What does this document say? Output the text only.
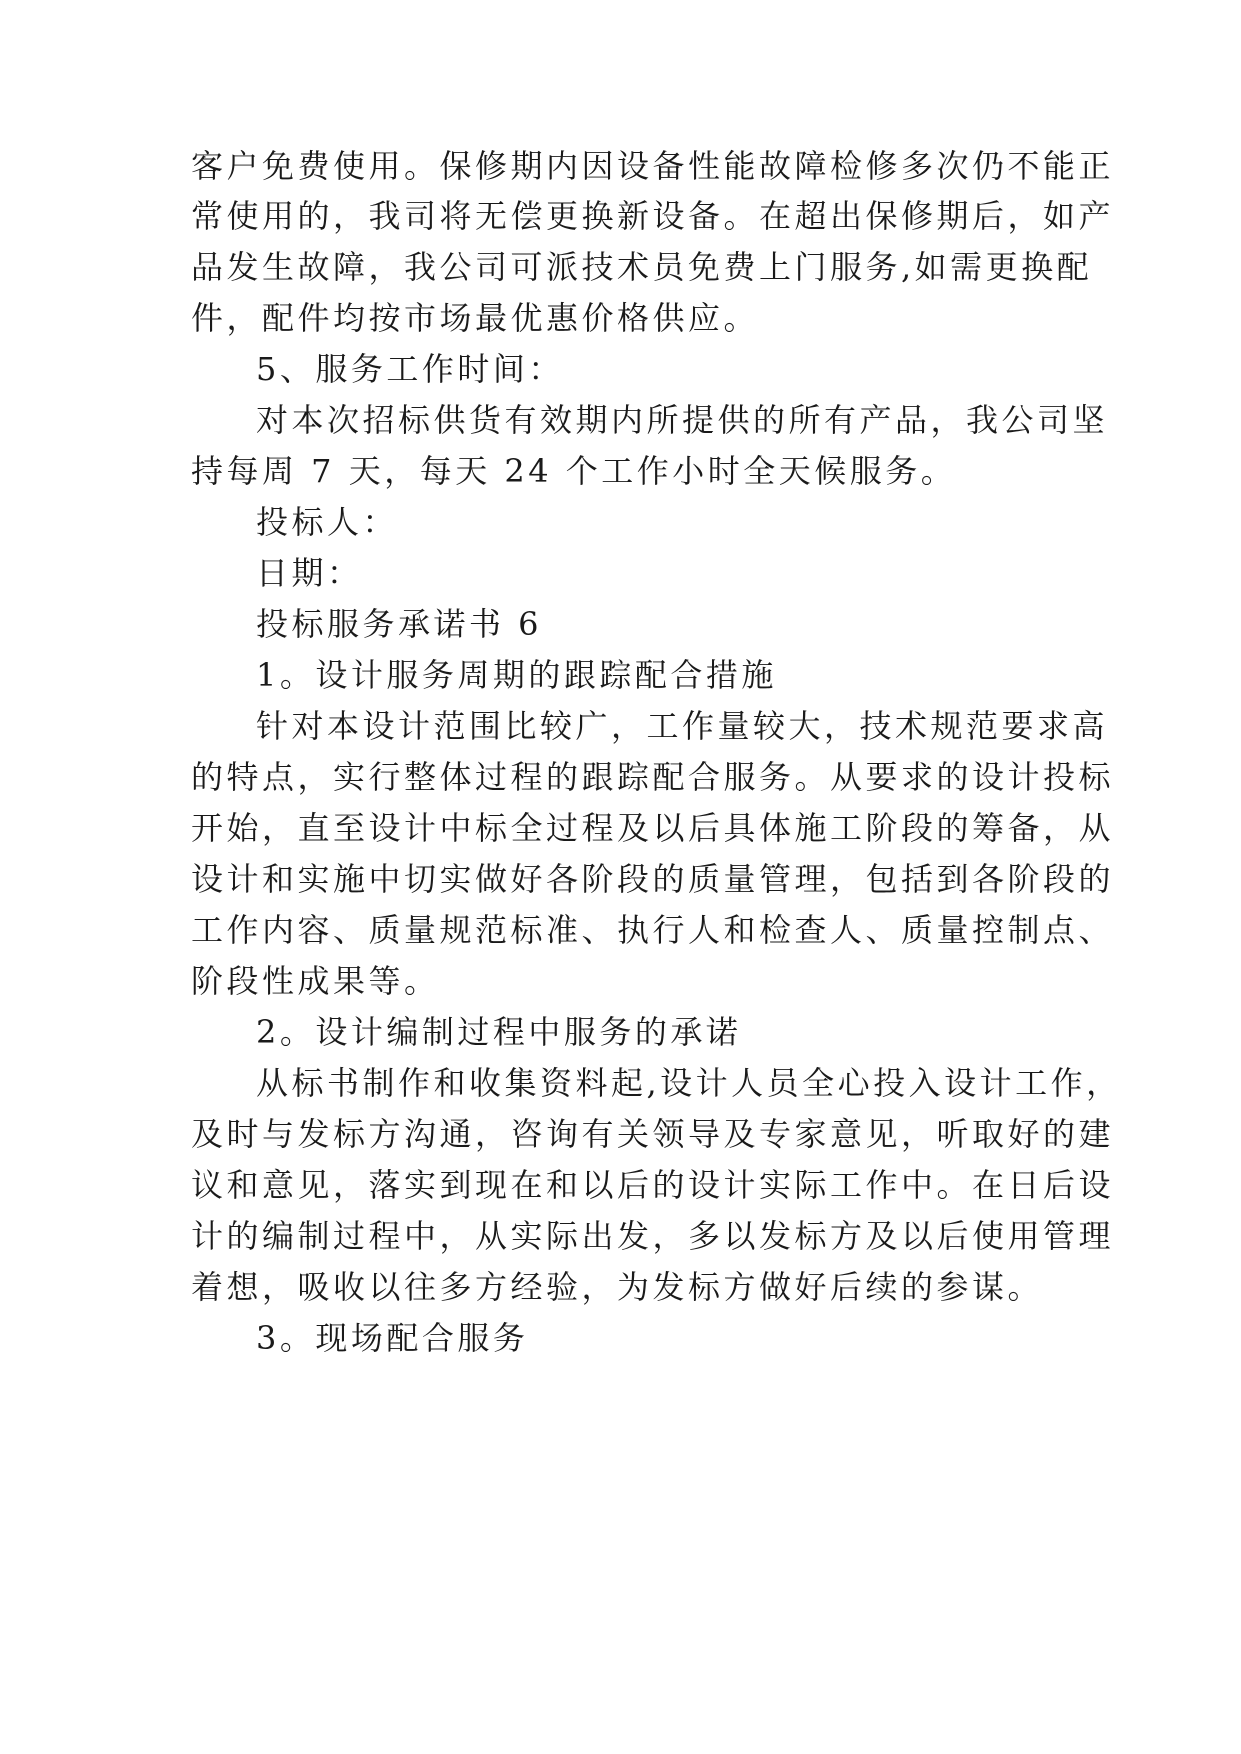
客户免费使用。保修期内因设备性能故障检修多次仍不能正
常使用的，我司将无偿更换新设备。在超出保修期后，如产
品发生故障，我公司可派技术员免费上门服务,如需更换配
件，配件均按市场最优惠价格供应。
5、服务工作时间：
对本次招标供货有效期内所提供的所有产品，我公司坚
持每周 7 天，每天 24 个工作小时全天候服务。
投标人：
日期：
投标服务承诺书 6
1。设计服务周期的跟踪配合措施
针对本设计范围比较广，工作量较大，技术规范要求高
的特点，实行整体过程的跟踪配合服务。从要求的设计投标
开始，直至设计中标全过程及以后具体施工阶段的筹备，从
设计和实施中切实做好各阶段的质量管理，包括到各阶段的
工作内容、质量规范标准、执行人和检查人、质量控制点、
阶段性成果等。
2。设计编制过程中服务的承诺
从标书制作和收集资料起,设计人员全心投入设计工作，
及时与发标方沟通，咨询有关领导及专家意见，听取好的建
议和意见，落实到现在和以后的设计实际工作中。在日后设
计的编制过程中，从实际出发，多以发标方及以后使用管理
着想，吸收以往多方经验，为发标方做好后续的参谋。
3。现场配合服务
